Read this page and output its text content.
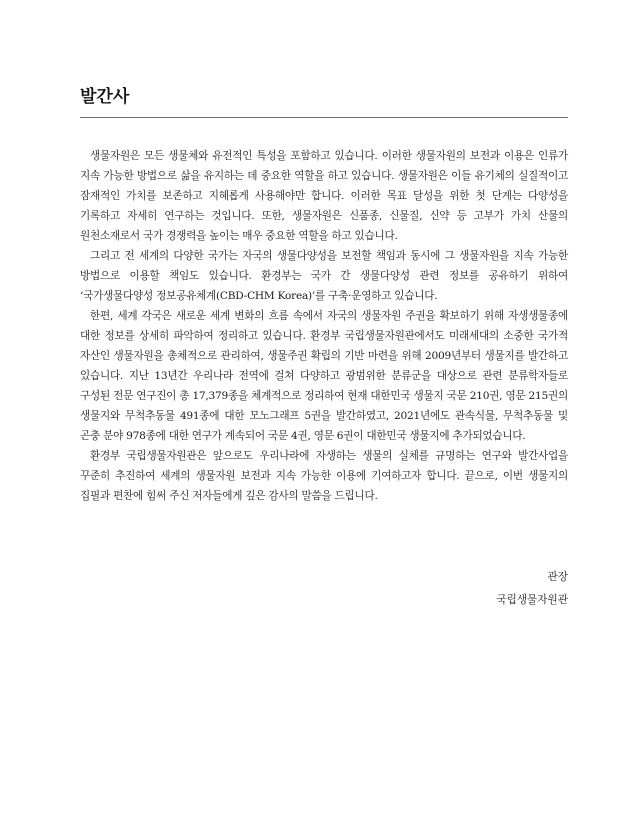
발간사

생물자원은 모든 생물체와 유전적인 특성을 포함하고 있습니다. 이러한 생물자원의 보전과 이용은 인류가 지속 가능한 방법으로 삶을 유지하는 데 중요한 역할을 하고 있습니다. 생물자원은 이들 유기체의 실질적이고 잠재적인 가치를 보존하고 지혜롭게 사용해야만 합니다. 이러한 목표 달성을 위한 첫 단계는 다양성을 기록하고 자세히 연구하는 것입니다. 또한, 생물자원은 신품종, 신물질, 신약 등 고부가 가치 산물의 원천소재로서 국가 경쟁력을 높이는 매우 중요한 역할을 하고 있습니다.

그리고 전 세계의 다양한 국가는 자국의 생물다양성을 보전할 책임과 동시에 그 생물자원을 지속 가능한 방법으로 이용할 책임도 있습니다. 환경부는 국가 간 생물다양성 관련 정보를 공유하기 위하여 ‘국가생물다양성 정보공유체계(CBD-CHM Korea)’를 구축·운영하고 있습니다.

한편, 세계 각국은 새로운 세계 변화의 흐름 속에서 자국의 생물자원 주권을 확보하기 위해 자생생물종에 대한 정보를 상세히 파악하여 정리하고 있습니다. 환경부 국립생물자원관에서도 미래세대의 소중한 국가적 자산인 생물자원을 총체적으로 관리하여, 생물주권 확립의 기반 마련을 위해 2009년부터 생물지를 발간하고 있습니다. 지난 13년간 우리나라 전역에 걸쳐 다양하고 광범위한 분류군을 대상으로 관련 분류학자들로 구성된 전문 연구진이 총 17,379종을 체계적으로 정리하여 현재 대한민국 생물지 국문 210권, 영문 215권의 생물지와 무척추동물 491종에 대한 모노그래프 5권을 발간하였고, 2021년에도 관속식물, 무척추동물 및 곤충 분야 978종에 대한 연구가 계속되어 국문 4권, 영문 6권이 대한민국 생물지에 추가되었습니다.

환경부 국립생물자원관은 앞으로도 우리나라에 자생하는 생물의 실체를 규명하는 연구와 발간사업을 꾸준히 추진하여 세계의 생물자원 보전과 지속 가능한 이용에 기여하고자 합니다. 끝으로, 이번 생물지의 집필과 편찬에 힘써 주신 저자들에게 깊은 감사의 말씀을 드립니다.

관장
국립생물자원관
